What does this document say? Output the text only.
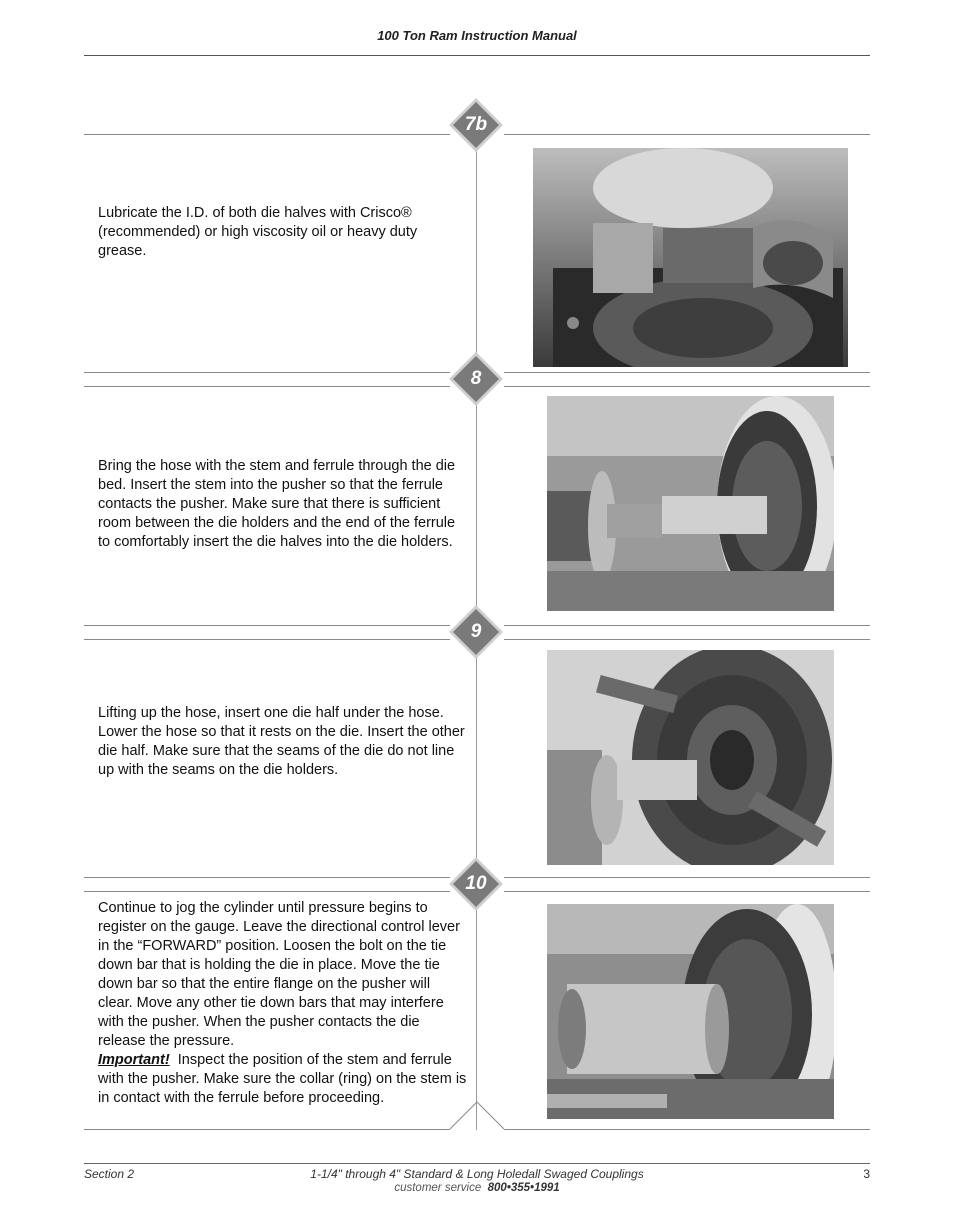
100 Ton Ram Instruction Manual
7b
8
9
10
Lubricate the I.D. of both die halves with Crisco® (recommended) or high viscosity oil or heavy duty grease.
Bring the hose with the stem and ferrule through the die bed. Insert the stem into the pusher so that the ferrule contacts the pusher. Make sure that there is sufficient room between the die holders and the end of the ferrule to comfortably insert the die halves into the die holders.
Lifting up the hose, insert one die half under the hose. Lower the hose so that it rests on the die. Insert the other die half. Make sure that the seams of the die do not line up with the seams on the die holders.
Continue to jog the cylinder until pressure begins to register on the gauge. Leave the directional control lever in the “FORWARD” position. Loosen the bolt on the tie down bar that is holding the die in place. Move the tie down bar so that the entire flange on the pusher will clear. Move any other tie down bars that may interfere with the pusher. When the pusher contacts the die release the pressure.
Important! Inspect the position of the stem and ferrule with the pusher. Make sure the collar (ring) on the stem is in contact with the ferrule before proceeding.
Section 2	1-1/4" through 4" Standard & Long Holedall Swaged Couplings	3
customer service 800•355•1991
